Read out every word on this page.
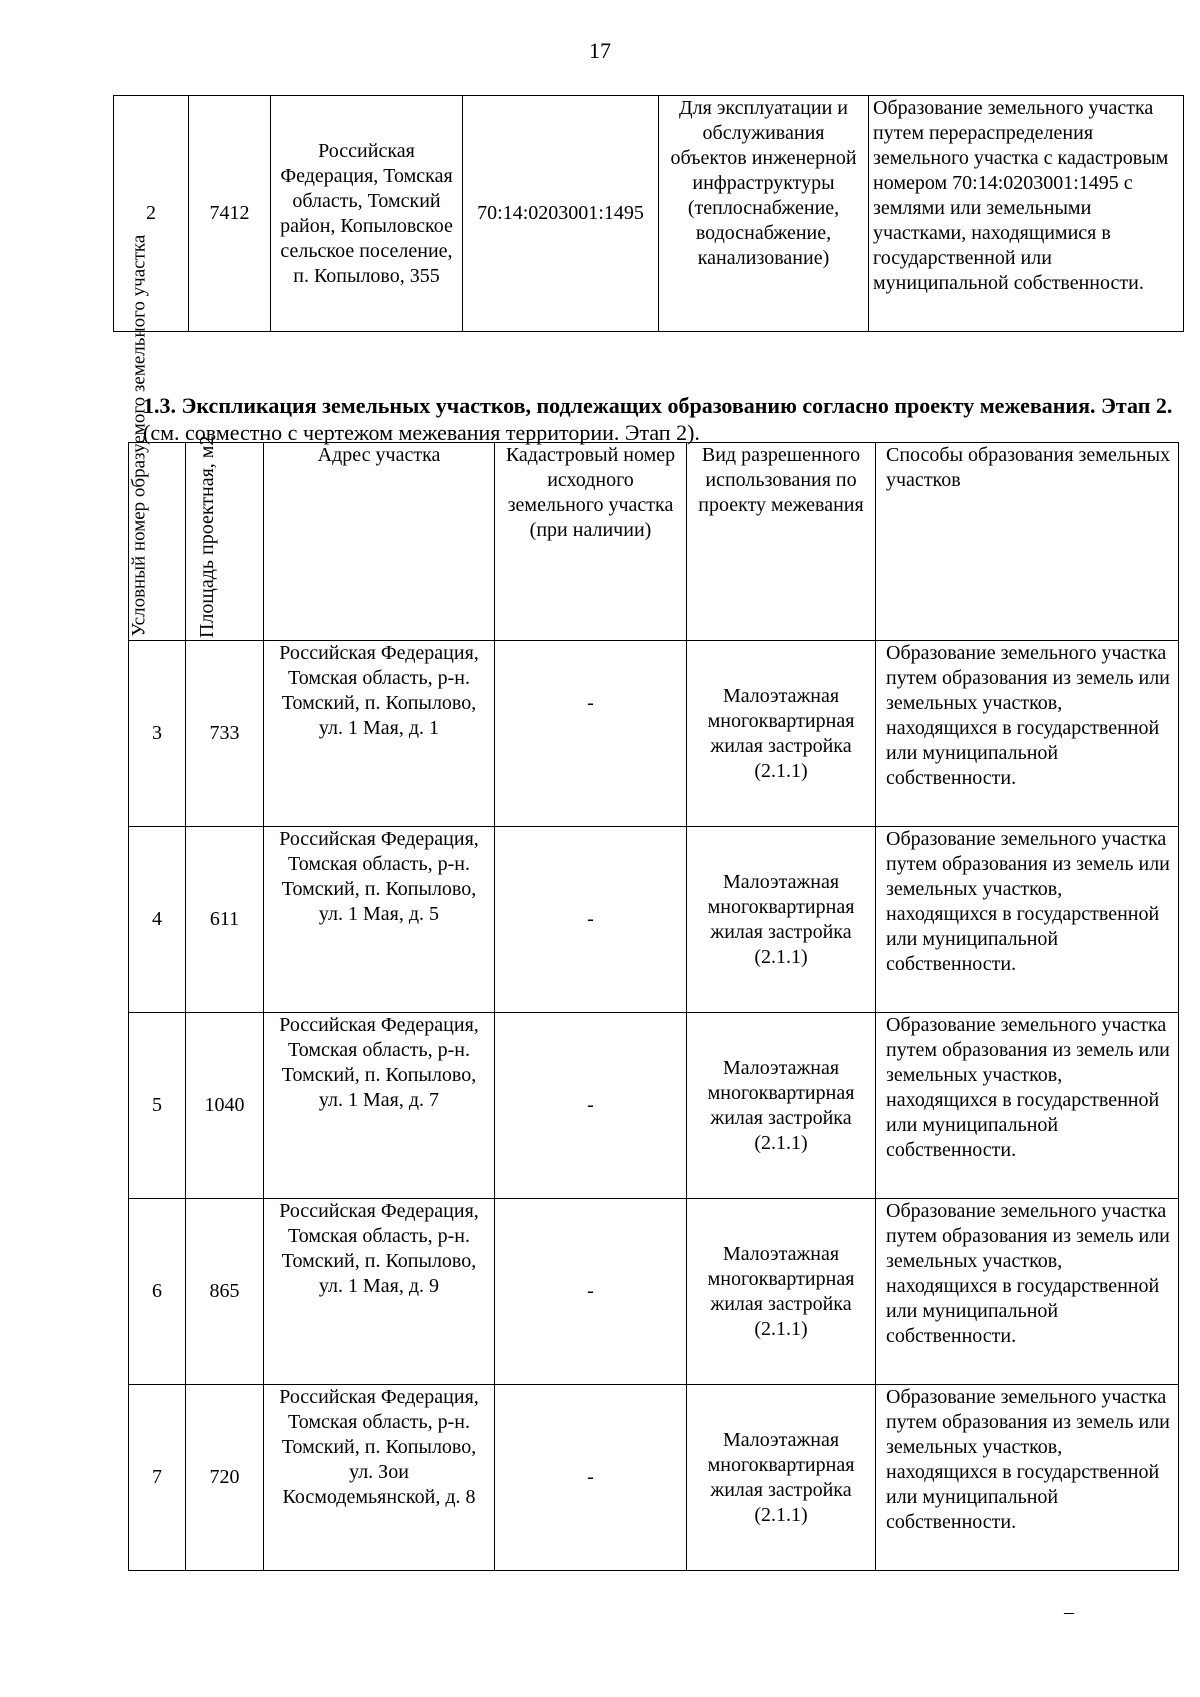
17
2	7412	Российская Федерация, Томская область, Томский район, Копыловское сельское поселение, п. Копылово, 355	70:14:0203001:1495	Для эксплуатации и обслуживания объектов инженерной инфраструктуры (теплоснабжение, водоснабжение, канализование)	Образование земельного участка путем перераспределения земельного участка с кадастровым номером 70:14:0203001:1495 с землями или земельными участками, находящимися в государственной или муниципальной собственности.
1.3. Экспликация земельных участков, подлежащих образованию согласно проекту межевания. Этап 2. (см. совместно с чертежом межевания территории. Этап 2).
Условный номер образуемого земельного участка	Площадь проектная, м2	Адрес участка	Кадастровый номер исходного земельного участка (при наличии)	Вид разрешенного использования по проекту межевания	Способы образования земельных участков
3	733	Российская Федерация, Томская область, р-н. Томский, п. Копылово, ул. 1 Мая, д. 1	-	Малоэтажная многоквартирная жилая застройка (2.1.1)	Образование земельного участка путем образования из земель или земельных участков, находящихся в государственной или муниципальной собственности.
4	611	Российская Федерация, Томская область, р-н. Томский, п. Копылово, ул. 1 Мая, д. 5	-	Малоэтажная многоквартирная жилая застройка (2.1.1)	Образование земельного участка путем образования из земель или земельных участков, находящихся в государственной или муниципальной собственности.
5	1040	Российская Федерация, Томская область, р-н. Томский, п. Копылово, ул. 1 Мая, д. 7	-	Малоэтажная многоквартирная жилая застройка (2.1.1)	Образование земельного участка путем образования из земель или земельных участков, находящихся в государственной или муниципальной собственности.
6	865	Российская Федерация, Томская область, р-н. Томский, п. Копылово, ул. 1 Мая, д. 9	-	Малоэтажная многоквартирная жилая застройка (2.1.1)	Образование земельного участка путем образования из земель или земельных участков, находящихся в государственной или муниципальной собственности.
7	720	Российская Федерация, Томская область, р-н. Томский, п. Копылово, ул. Зои Космодемьянской, д. 8	-	Малоэтажная многоквартирная жилая застройка (2.1.1)	Образование земельного участка путем образования из земель или земельных участков, находящихся в государственной или муниципальной собственности.
–
